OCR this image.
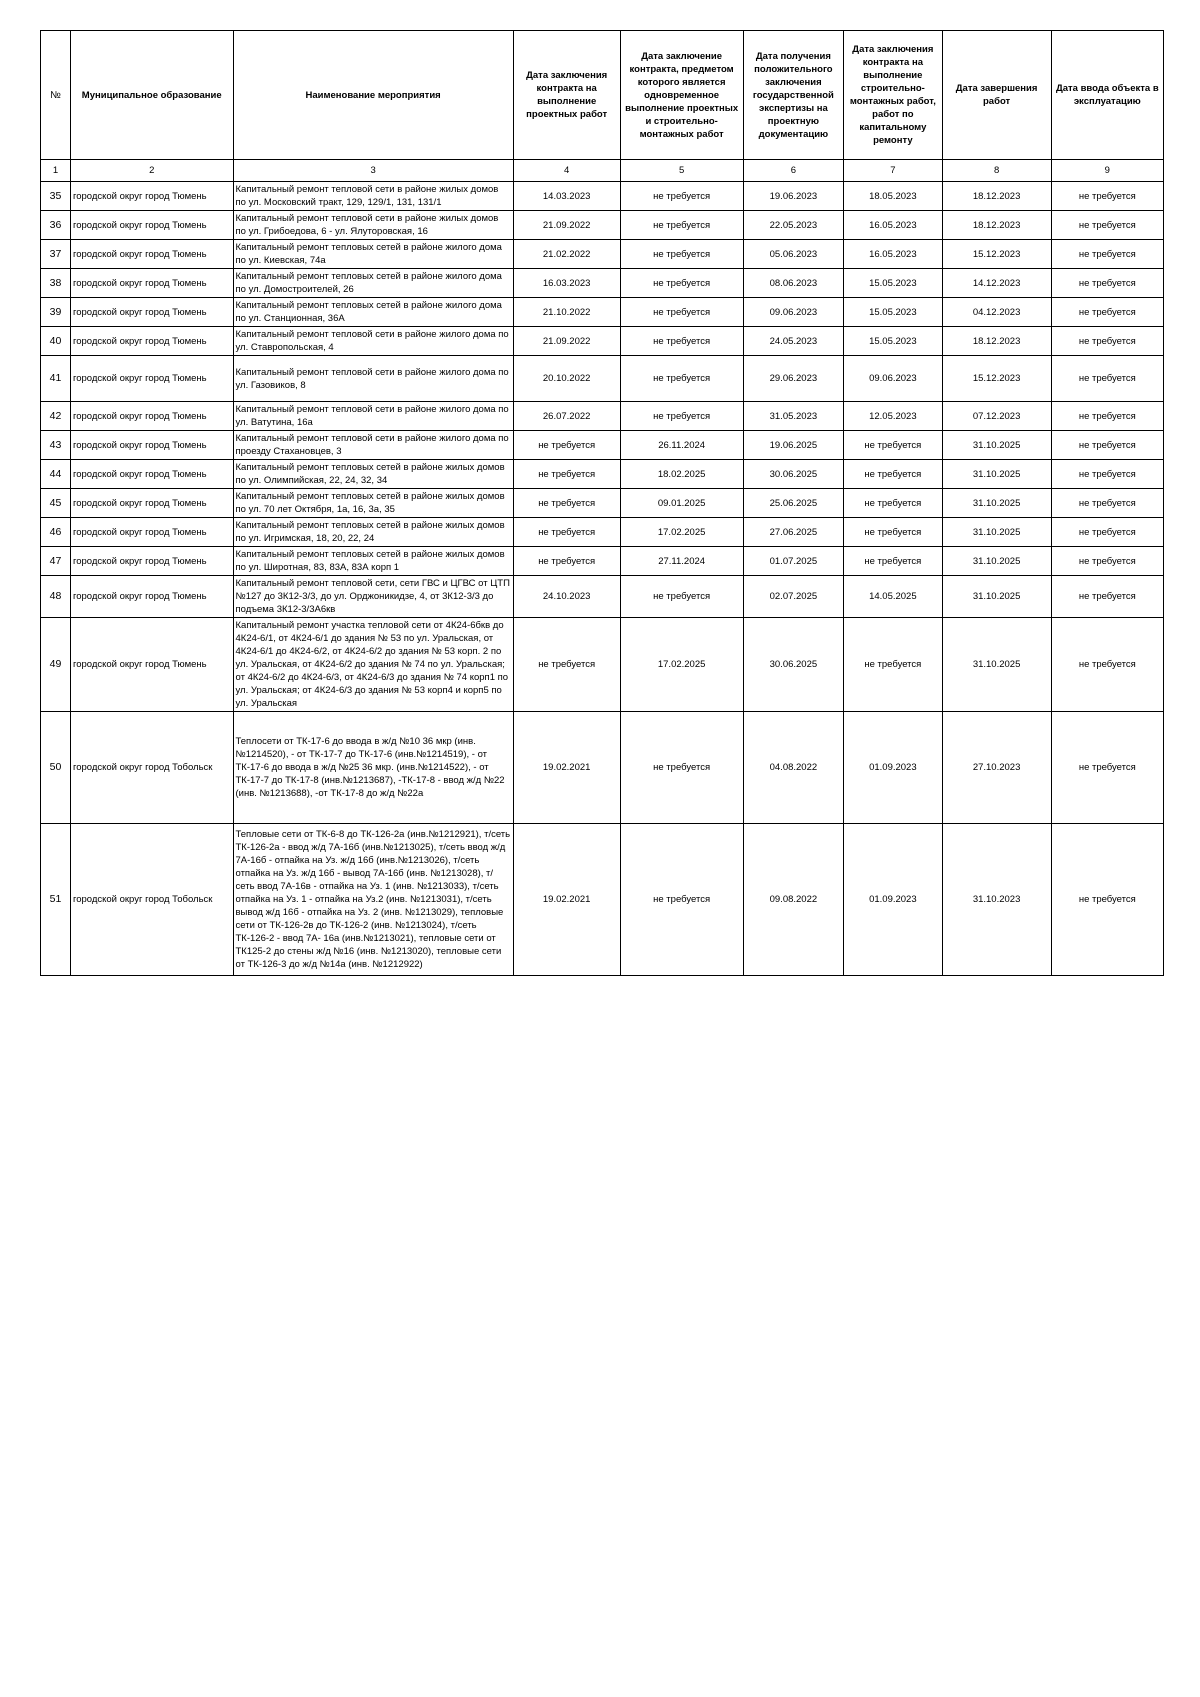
№	Муниципальное образование	Наименование мероприятия	Дата заключения контракта на выполнение проектных работ	Дата заключение контракта, предметом которого является одновременное выполнение проектных и строительно-монтажных работ	Дата получения положительного заключения государственной экспертизы на проектную документацию	Дата заключения контракта на выполнение строительно-монтажных работ, работ по капитальному ремонту	Дата завершения работ	Дата ввода объекта в эксплуатацию
1	2	3	4	5	6	7	8	9
35	городской округ город Тюмень	Капитальный ремонт тепловой сети в районе жилых домов по ул. Московский тракт, 129, 129/1, 131, 131/1	14.03.2023	не требуется	19.06.2023	18.05.2023	18.12.2023	не требуется
36	городской округ город Тюмень	Капитальный ремонт тепловой сети в районе жилых домов по ул. Грибоедова, 6 - ул. Ялуторовская, 16	21.09.2022	не требуется	22.05.2023	16.05.2023	18.12.2023	не требуется
37	городской округ город Тюмень	Капитальный ремонт тепловых сетей в районе жилого дома по ул. Киевская, 74а	21.02.2022	не требуется	05.06.2023	16.05.2023	15.12.2023	не требуется
38	городской округ город Тюмень	Капитальный ремонт тепловых сетей в районе жилого дома по ул. Домостроителей, 26	16.03.2023	не требуется	08.06.2023	15.05.2023	14.12.2023	не требуется
39	городской округ город Тюмень	Капитальный ремонт тепловых сетей в районе жилого дома по ул. Станционная, 36А	21.10.2022	не требуется	09.06.2023	15.05.2023	04.12.2023	не требуется
40	городской округ город Тюмень	Капитальный ремонт тепловой сети в районе жилого дома по ул. Ставропольская, 4	21.09.2022	не требуется	24.05.2023	15.05.2023	18.12.2023	не требуется
41	городской округ город Тюмень	Капитальный ремонт тепловой сети в районе жилого дома по ул. Газовиков, 8	20.10.2022	не требуется	29.06.2023	09.06.2023	15.12.2023	не требуется
42	городской округ город Тюмень	Капитальный ремонт тепловой сети в районе жилого дома по ул. Ватутина, 16а	26.07.2022	не требуется	31.05.2023	12.05.2023	07.12.2023	не требуется
43	городской округ город Тюмень	Капитальный ремонт тепловой сети в районе жилого дома по проезду Стахановцев, 3	не требуется	26.11.2024	19.06.2025	не требуется	31.10.2025	не требуется
44	городской округ город Тюмень	Капитальный ремонт тепловых сетей в районе жилых домов по ул. Олимпийская, 22, 24, 32, 34	не требуется	18.02.2025	30.06.2025	не требуется	31.10.2025	не требуется
45	городской округ город Тюмень	Капитальный ремонт тепловых сетей в районе жилых домов по ул. 70 лет Октября, 1а, 16, 3а, 35	не требуется	09.01.2025	25.06.2025	не требуется	31.10.2025	не требуется
46	городской округ город Тюмень	Капитальный ремонт тепловых сетей в районе жилых домов по ул. Игримская, 18, 20, 22, 24	не требуется	17.02.2025	27.06.2025	не требуется	31.10.2025	не требуется
47	городской округ город Тюмень	Капитальный ремонт тепловых сетей в районе жилых домов по ул. Широтная, 83, 83А, 83А корп 1	не требуется	27.11.2024	01.07.2025	не требуется	31.10.2025	не требуется
48	городской округ город Тюмень	Капитальный ремонт тепловой сети, сети ГВС и ЦГВС от ЦТП №127 до 3К12-3/3, до ул. Орджоникидзе, 4, от 3К12-3/3 до подъема 3К12-3/3А6кв	24.10.2023	не требуется	02.07.2025	14.05.2025	31.10.2025	не требуется
49	городской округ город Тюмень	Капитальный ремонт участка тепловой сети от 4К24-6бкв до 4К24-6/1, от 4К24-6/1 до здания № 53 по ул. Уральская, от 4К24-6/1 до 4К24-6/2, от 4К24-6/2 до здания № 53 корп. 2 по ул. Уральская, от 4К24-6/2 до здания № 74 по ул. Уральская; от 4К24-6/2 до 4К24-6/3, от 4К24-6/3 до здания № 74 корп1 по ул. Уральская; от 4К24-6/3 до здания № 53 корп4 и корп5 по ул. Уральская	не требуется	17.02.2025	30.06.2025	не требуется	31.10.2025	не требуется
50	городской округ город Тобольск	Теплосети от ТК-17-6 до ввода в ж/д №10 36 мкр (инв. №1214520), - от ТК-17-7 до ТК-17-6 (инв.№1214519), - от ТК-17-6 до ввода в ж/д №25 36 мкр. (инв.№1214522), - от ТК-17-7 до ТК-17-8 (инв.№1213687), -ТК-17-8 - ввод ж/д №22 (инв. №1213688), -от ТК-17-8 до ж/д №22а	19.02.2021	не требуется	04.08.2022	01.09.2023	27.10.2023	не требуется
51	городской округ город Тобольск	Тепловые сети от ТК-6-8 до ТК-126-2а (инв.№1212921), т/сеть ТК-126-2а - ввод ж/д 7А-16б (инв.№1213025), т/сеть ввод ж/д 7А-16б - отпайка на Уз. ж/д 16б (инв.№1213026), т/сеть отпайка на Уз. ж/д 16б - вывод 7А-16б (инв. №1213028), т/сеть ввод 7А-16в - отпайка на Уз. 1 (инв. №1213033), т/сеть отпайка на Уз. 1 - отпайка на Уз.2 (инв. №1213031), т/сеть вывод ж/д 16б - отпайка на Уз. 2 (инв. №1213029), тепловые сети от ТК-126-2в до ТК-126-2 (инв. №1213024), т/сеть ТК-126-2 - ввод 7А- 16а (инв.№1213021), тепловые сети от ТК125-2 до стены ж/д №16 (инв. №1213020), тепловые сети от ТК-126-3 до ж/д №14а (инв. №1212922)	19.02.2021	не требуется	09.08.2022	01.09.2023	31.10.2023	не требуется
